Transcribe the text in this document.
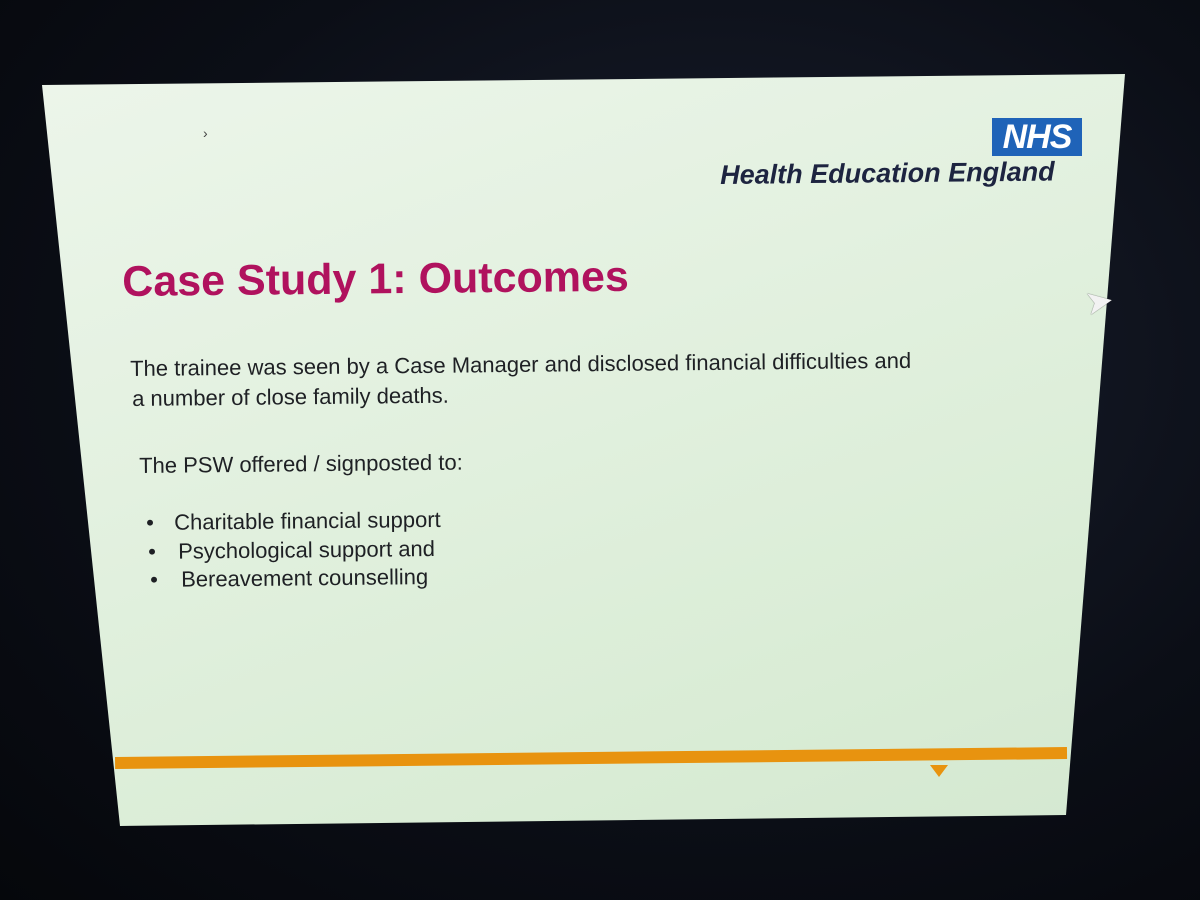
›	NHS
Health Education England
Case Study 1: Outcomes
The trainee was seen by a Case Manager and disclosed financial difficulties and
a number of close family deaths.
The PSW offered / signposted to:
• Charitable financial support
• Psychological support and
• Bereavement counselling
➤
